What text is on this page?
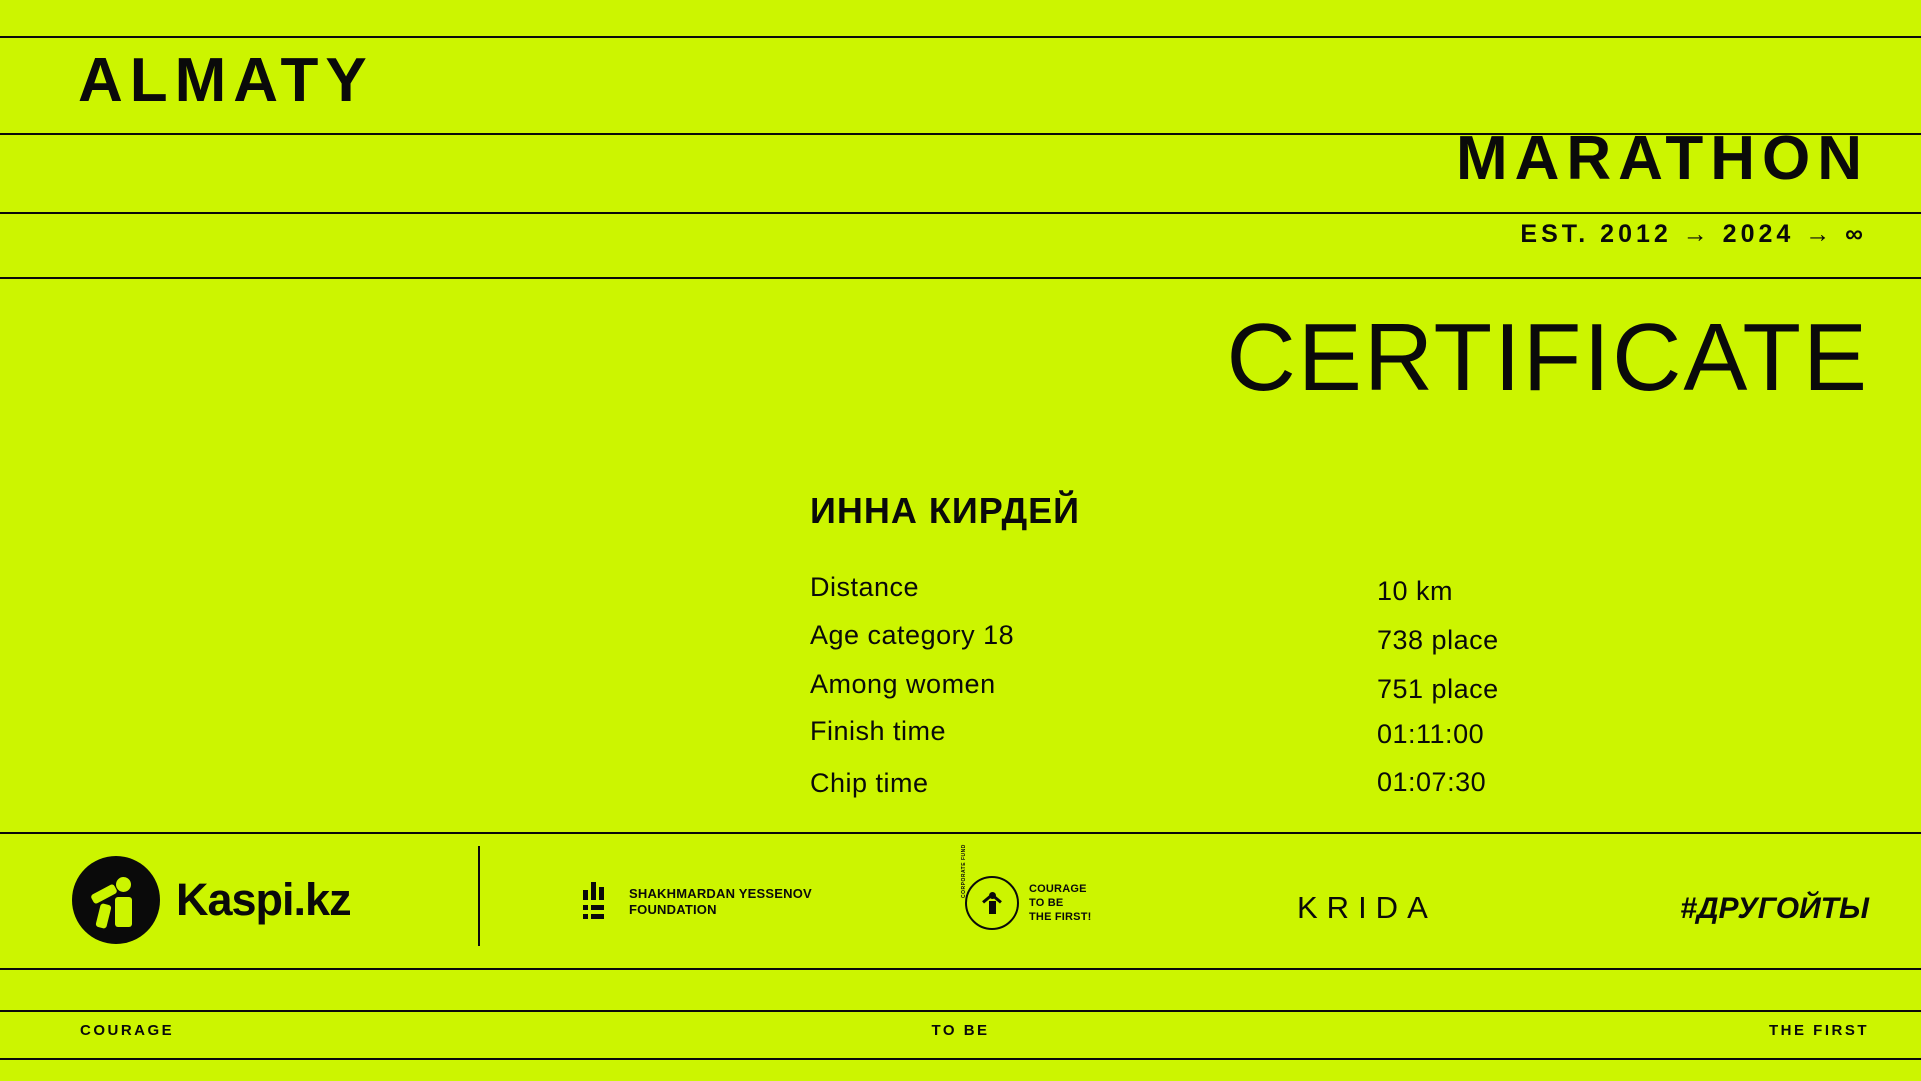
ALMATY
MARATHON
EST. 2012 → 2024 → ∞
CERTIFICATE
ИННА КИРДЕЙ
Distance	10 km
Age category 18	738 place
Among women	751 place
Finish time	01:11:00
Chip time	01:07:30
Kaspi.kz	SHAKHMARDAN YESSENOV
FOUNDATION
CORPORATE FUND	COURAGE
TO BE
THE FIRST!	KRIDA	#ДРУГОЙТЫ
COURAGE	TO BE	THE FIRST
